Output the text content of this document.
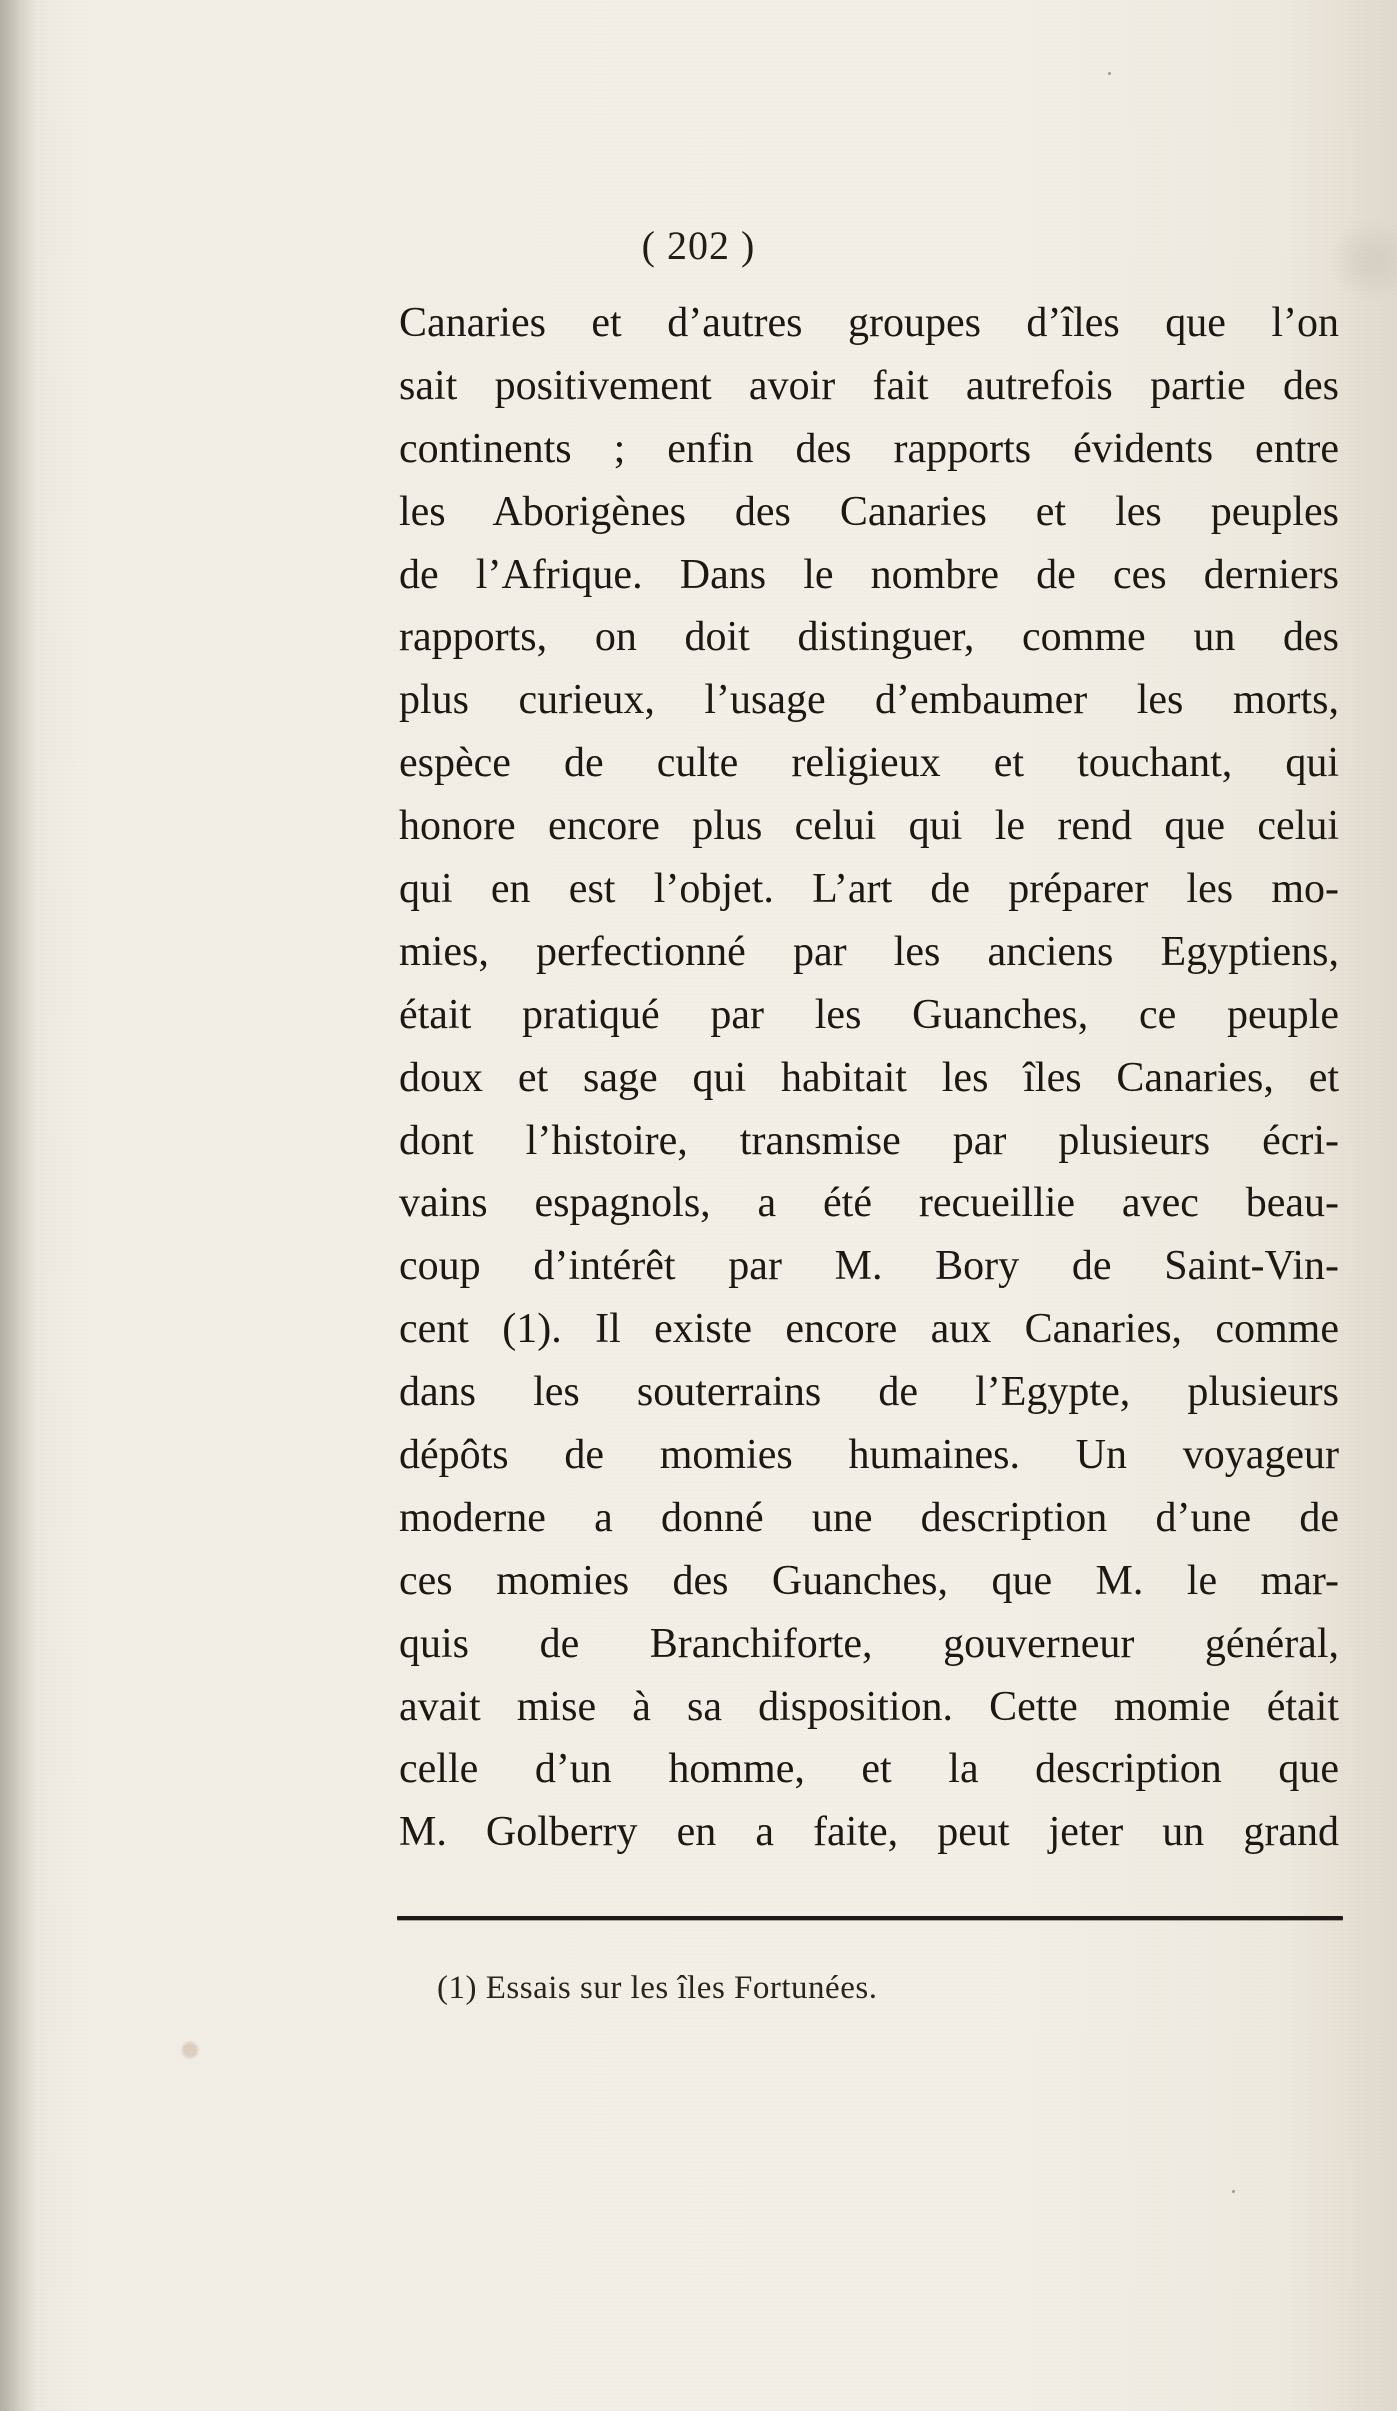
( 202 )
Canaries et d’autres groupes d’îles que l’on
sait positivement avoir fait autrefois partie des
continents ; enfin des rapports évidents entre
les Aborigènes des Canaries et les peuples
de l’Afrique. Dans le nombre de ces derniers
rapports, on doit distinguer, comme un des
plus curieux, l’usage d’embaumer les morts,
espèce de culte religieux et touchant, qui
honore encore plus celui qui le rend que celui
qui en est l’objet. L’art de préparer les mo-
mies, perfectionné par les anciens Egyptiens,
était pratiqué par les Guanches, ce peuple
doux et sage qui habitait les îles Canaries, et
dont l’histoire, transmise par plusieurs écri-
vains espagnols, a été recueillie avec beau-
coup d’intérêt par M. Bory de Saint-Vin-
cent (1). Il existe encore aux Canaries, comme
dans les souterrains de l’Egypte, plusieurs
dépôts de momies humaines. Un voyageur
moderne a donné une description d’une de
ces momies des Guanches, que M. le mar-
quis de Branchiforte, gouverneur général,
avait mise à sa disposition. Cette momie était
celle d’un homme, et la description que
M. Golberry en a faite, peut jeter un grand
(1) Essais sur les îles Fortunées.
